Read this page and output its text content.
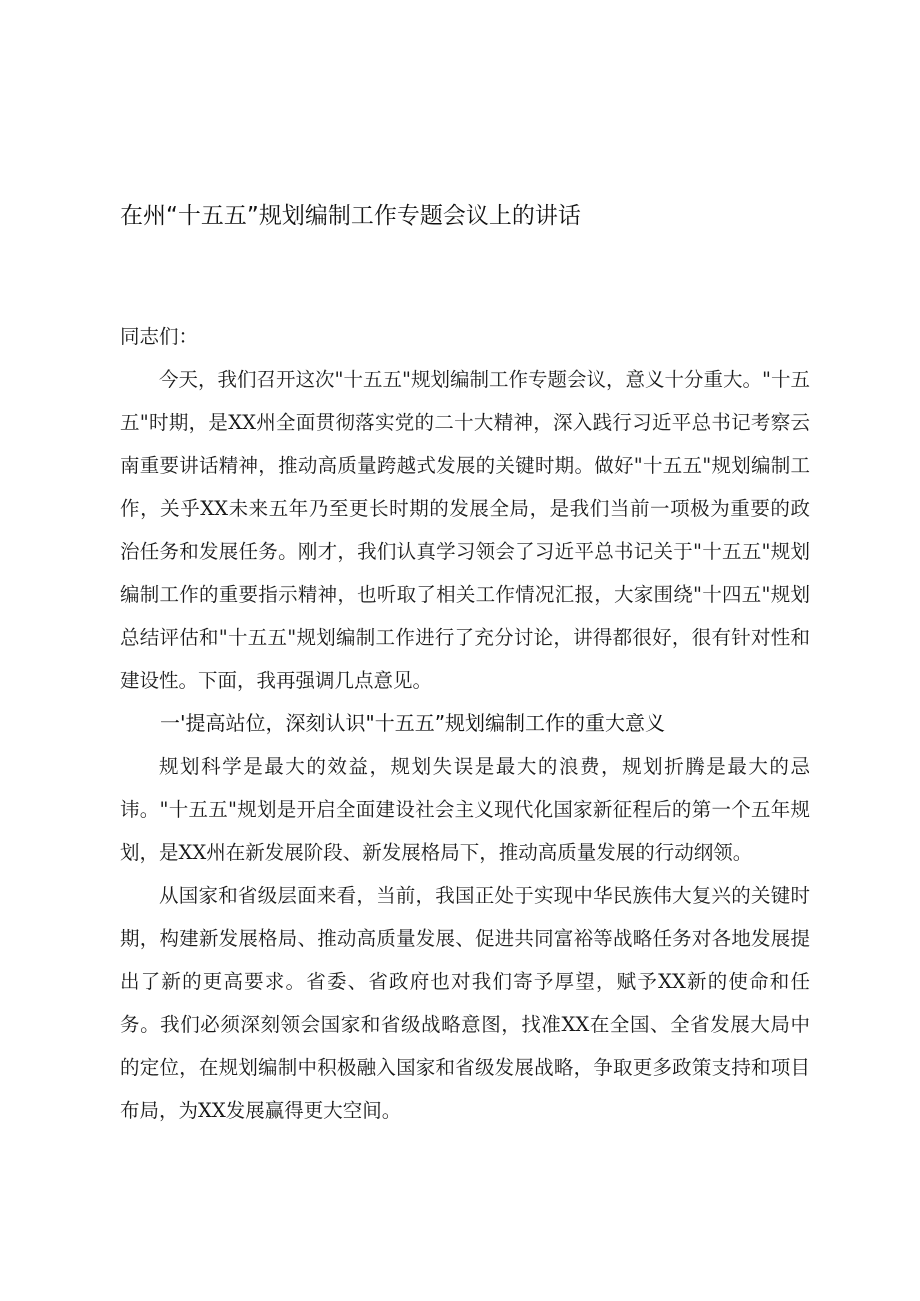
在州“十五五”规划编制工作专题会议上的讲话

同志们：

今天，我们召开这次"十五五"规划编制工作专题会议，意义十分重大。"十五五"时期，是XX州全面贯彻落实党的二十大精神，深入践行习近平总书记考察云南重要讲话精神，推动高质量跨越式发展的关键时期。做好"十五五"规划编制工作，关乎XX未来五年乃至更长时期的发展全局，是我们当前一项极为重要的政治任务和发展任务。刚才，我们认真学习领会了习近平总书记关于"十五五"规划编制工作的重要指示精神，也听取了相关工作情况汇报，大家围绕"十四五"规划总结评估和"十五五"规划编制工作进行了充分讨论，讲得都很好，很有针对性和建设性。下面，我再强调几点意见。

一'提高站位，深刻认识"十五五”规划编制工作的重大意义

规划科学是最大的效益，规划失误是最大的浪费，规划折腾是最大的忌讳。"十五五"规划是开启全面建设社会主义现代化国家新征程后的第一个五年规划，是XX州在新发展阶段、新发展格局下，推动高质量发展的行动纲领。

从国家和省级层面来看，当前，我国正处于实现中华民族伟大复兴的关键时期，构建新发展格局、推动高质量发展、促进共同富裕等战略任务对各地发展提出了新的更高要求。省委、省政府也对我们寄予厚望，赋予XX新的使命和任务。我们必须深刻领会国家和省级战略意图，找准XX在全国、全省发展大局中的定位，在规划编制中积极融入国家和省级发展战略，争取更多政策支持和项目布局，为XX发展赢得更大空间。
